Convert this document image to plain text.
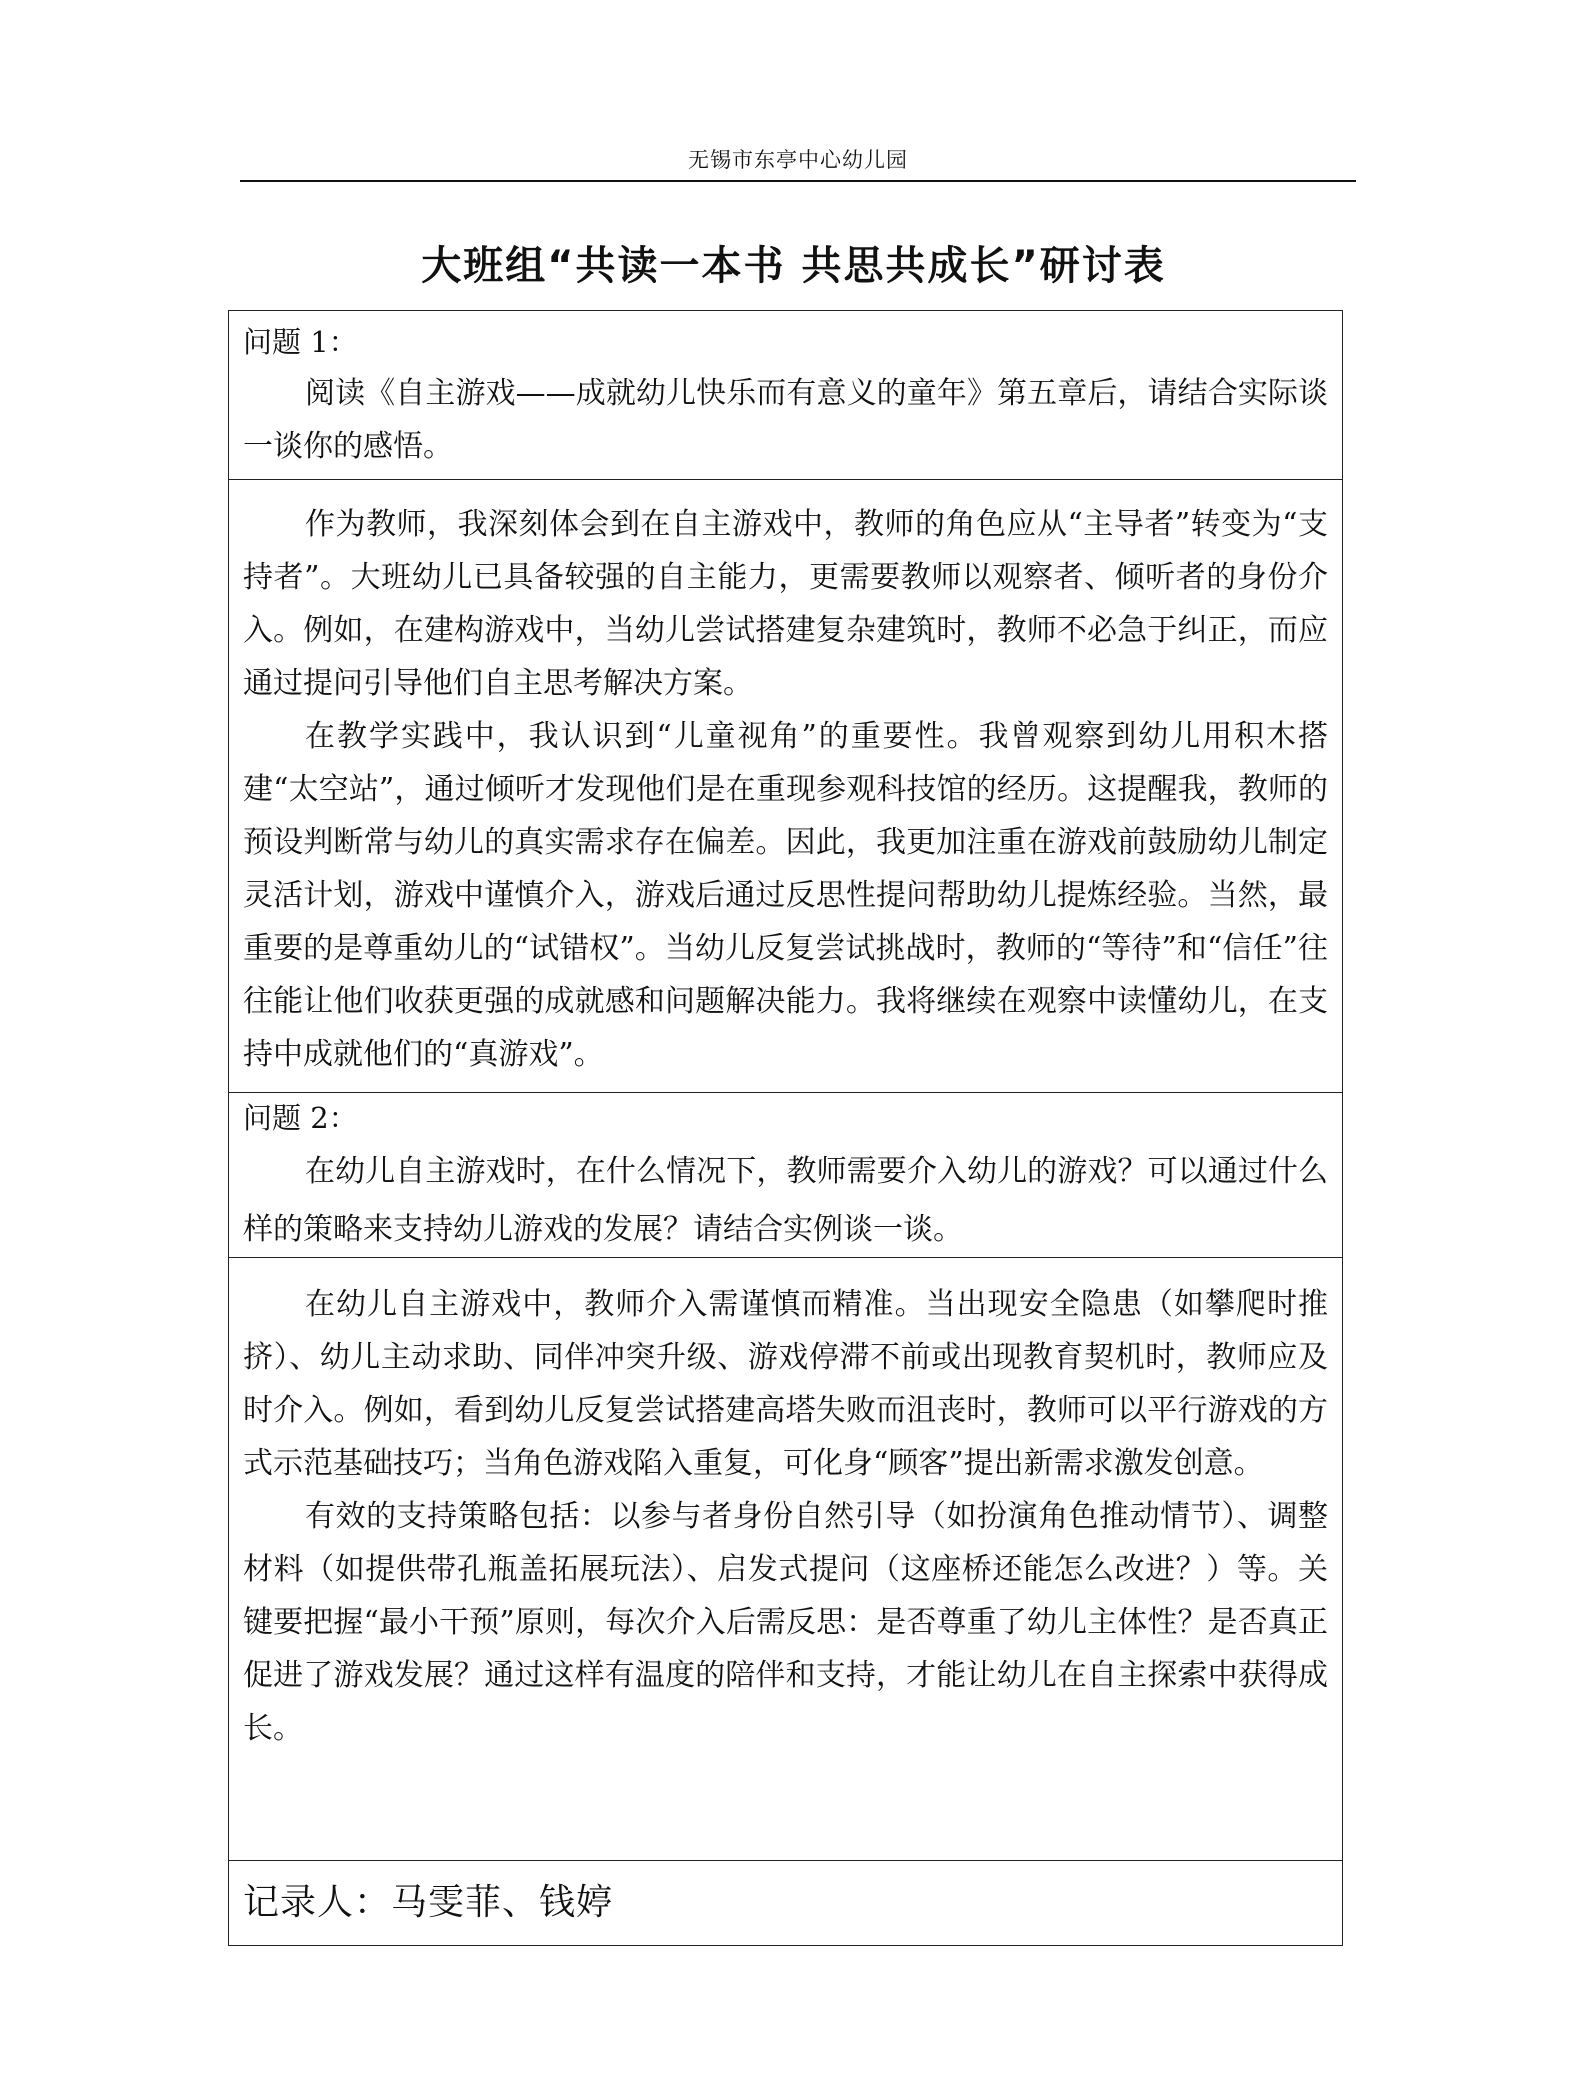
无锡市东亭中心幼儿园
大班组“共读一本书 共思共成长”研讨表

问题 1：

阅读《自主游戏——成就幼儿快乐而有意义的童年》第五章后，请结合实际谈一谈你的感悟。

作为教师，我深刻体会到在自主游戏中，教师的角色应从“主导者”转变为“支持者”。大班幼儿已具备较强的自主能力，更需要教师以观察者、倾听者的身份介入。例如，在建构游戏中，当幼儿尝试搭建复杂建筑时，教师不必急于纠正，而应通过提问引导他们自主思考解决方案。

在教学实践中，我认识到“儿童视角”的重要性。我曾观察到幼儿用积木搭建“太空站”，通过倾听才发现他们是在重现参观科技馆的经历。这提醒我，教师的预设判断常与幼儿的真实需求存在偏差。因此，我更加注重在游戏前鼓励幼儿制定灵活计划，游戏中谨慎介入，游戏后通过反思性提问帮助幼儿提炼经验。当然，最重要的是尊重幼儿的“试错权”。当幼儿反复尝试挑战时，教师的“等待”和“信任”往往能让他们收获更强的成就感和问题解决能力。我将继续在观察中读懂幼儿，在支持中成就他们的“真游戏”。

问题 2：

在幼儿自主游戏时，在什么情况下，教师需要介入幼儿的游戏？可以通过什么样的策略来支持幼儿游戏的发展？请结合实例谈一谈。

在幼儿自主游戏中，教师介入需谨慎而精准。当出现安全隐患（如攀爬时推挤）、幼儿主动求助、同伴冲突升级、游戏停滞不前或出现教育契机时，教师应及时介入。例如，看到幼儿反复尝试搭建高塔失败而沮丧时，教师可以平行游戏的方式示范基础技巧；当角色游戏陷入重复，可化身“顾客”提出新需求激发创意。

有效的支持策略包括：以参与者身份自然引导（如扮演角色推动情节）、调整材料（如提供带孔瓶盖拓展玩法）、启发式提问（这座桥还能怎么改进？）等。关键要把握“最小干预”原则，每次介入后需反思：是否尊重了幼儿主体性？是否真正促进了游戏发展？通过这样有温度的陪伴和支持，才能让幼儿在自主探索中获得成长。

记录人：马雯菲、钱婷
